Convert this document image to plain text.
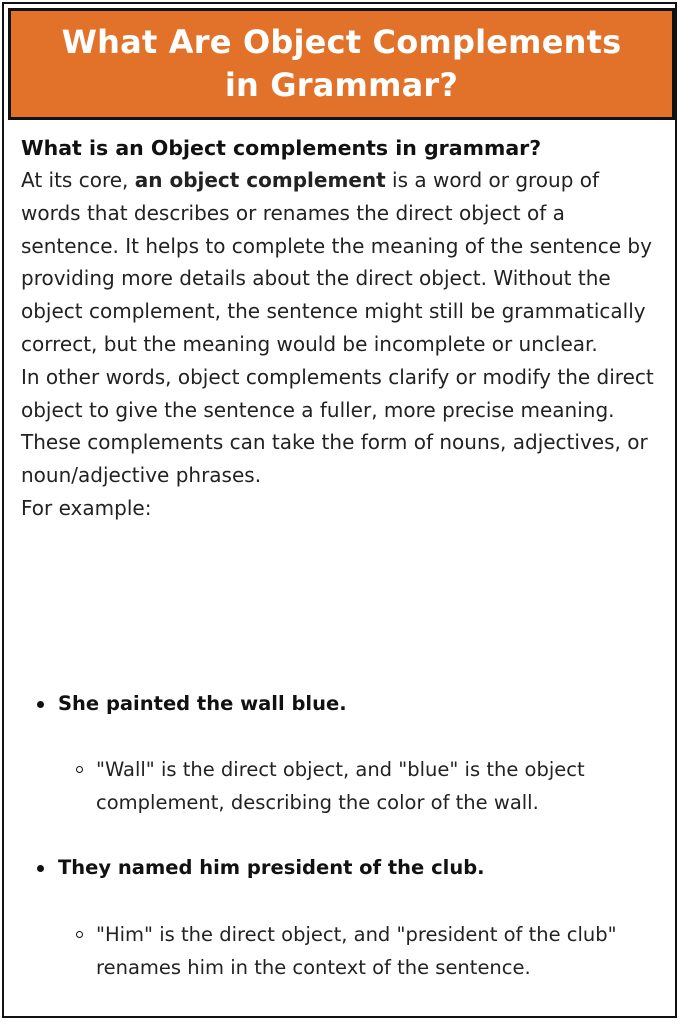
What Are Object Complements
in Grammar?
What is an Object complements in grammar?

At its core, an object complement is a word or group of words that describes or renames the direct object of a sentence. It helps to complete the meaning of the sentence by providing more details about the direct object. Without the object complement, the sentence might still be grammatically correct, but the meaning would be incomplete or unclear.

In other words, object complements clarify or modify the direct object to give the sentence a fuller, more precise meaning. These complements can take the form of nouns, adjectives, or noun/adjective phrases.

For example:

She painted the wall blue.
"Wall" is the direct object, and "blue" is the object complement, describing the color of the wall.
They named him president of the club.
"Him" is the direct object, and "president of the club" renames him in the context of the sentence.
